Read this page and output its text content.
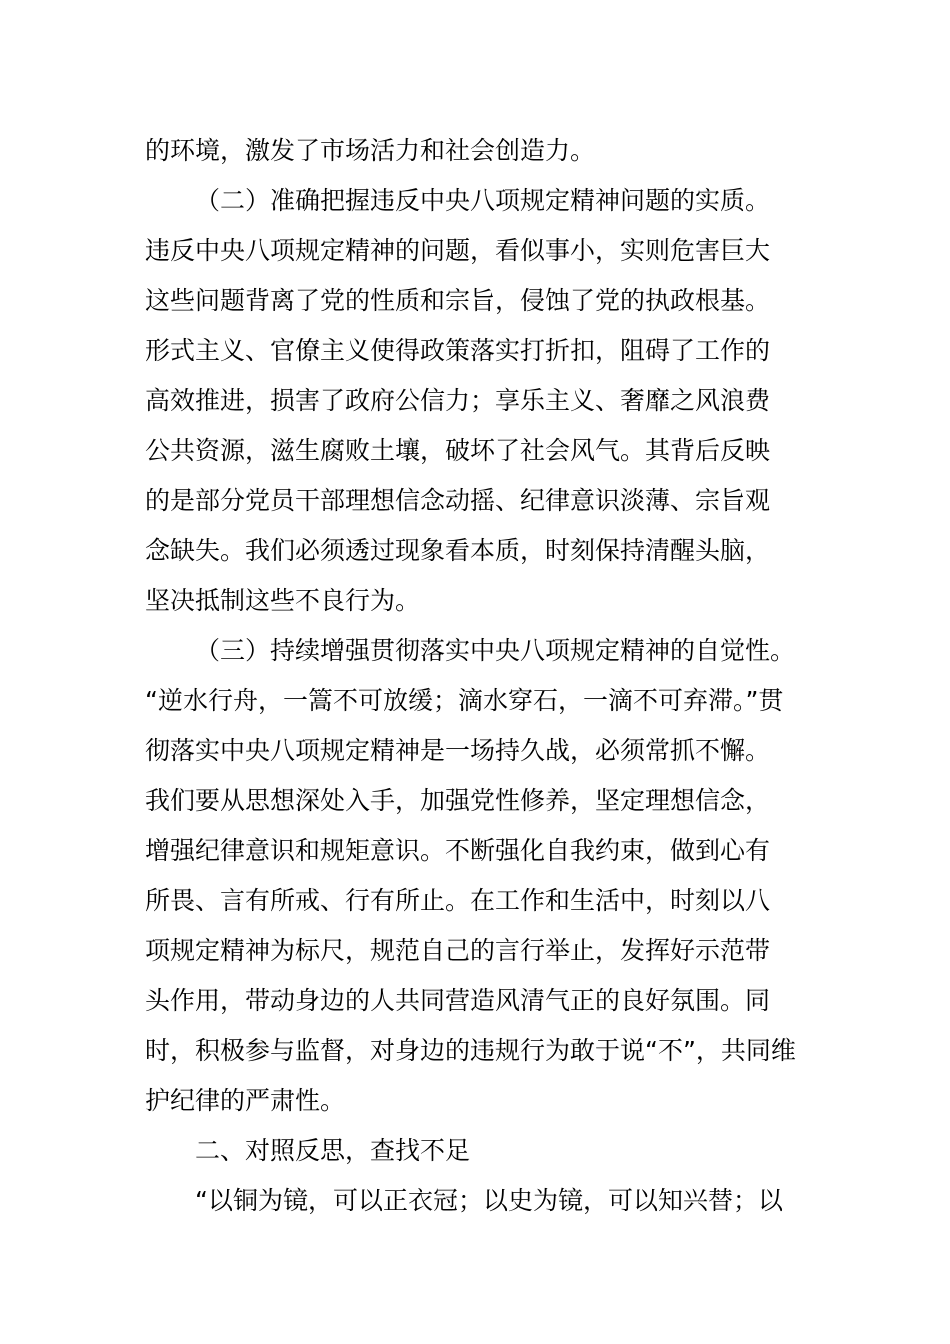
的环境，激发了市场活力和社会创造力。
（二）准确把握违反中央八项规定精神问题的实质。
违反中央八项规定精神的问题，看似事小，实则危害巨大
这些问题背离了党的性质和宗旨，侵蚀了党的执政根基。
形式主义、官僚主义使得政策落实打折扣，阻碍了工作的
高效推进，损害了政府公信力；享乐主义、奢靡之风浪费
公共资源，滋生腐败土壤，破坏了社会风气。其背后反映
的是部分党员干部理想信念动摇、纪律意识淡薄、宗旨观
念缺失。我们必须透过现象看本质，时刻保持清醒头脑，
坚决抵制这些不良行为。
（三）持续增强贯彻落实中央八项规定精神的自觉性。
“逆水行舟，一篙不可放缓；滴水穿石，一滴不可弃滞。”贯
彻落实中央八项规定精神是一场持久战，必须常抓不懈。
我们要从思想深处入手，加强党性修养，坚定理想信念，
增强纪律意识和规矩意识。不断强化自我约束，做到心有
所畏、言有所戒、行有所止。在工作和生活中，时刻以八
项规定精神为标尺，规范自己的言行举止，发挥好示范带
头作用，带动身边的人共同营造风清气正的良好氛围。同
时，积极参与监督，对身边的违规行为敢于说“不”，共同维
护纪律的严肃性。
二、对照反思，查找不足
“以铜为镜，可以正衣冠；以史为镜，可以知兴替；以
